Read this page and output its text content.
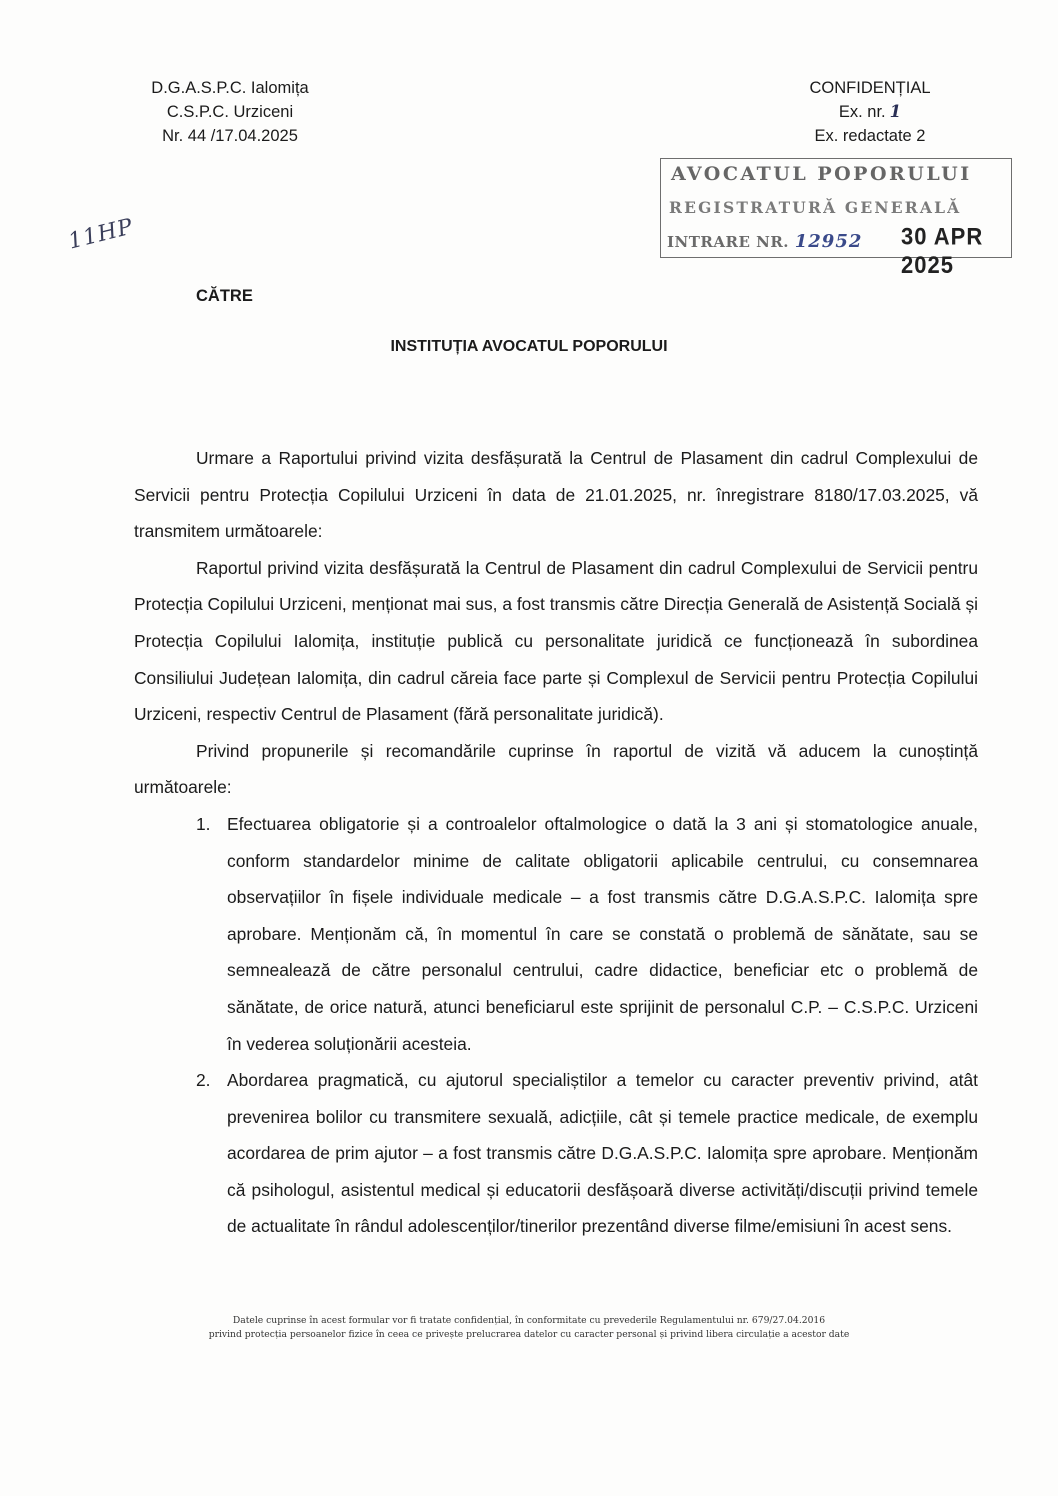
D.G.A.S.P.C. Ialomița
C.S.P.C. Urziceni
Nr. 44 /17.04.2025
CONFIDENȚIAL
Ex. nr. 1
Ex. redactate 2
AVOCATUL POPORULUI
REGISTRATURĂ GENERALĂ
INTRARE NR. 12952 30 APR 2025
11HP
CĂTRE
INSTITUȚIA AVOCATUL POPORULUI

Urmare a Raportului privind vizita desfășurată la Centrul de Plasament din cadrul Complexului de Servicii pentru Protecția Copilului Urziceni în data de 21.01.2025, nr. înregistrare 8180/17.03.2025, vă transmitem următoarele:

Raportul privind vizita desfășurată la Centrul de Plasament din cadrul Complexului de Servicii pentru Protecția Copilului Urziceni, menționat mai sus, a fost transmis către Direcția Generală de Asistență Socială și Protecția Copilului Ialomița, instituție publică cu personalitate juridică ce funcționează în subordinea Consiliului Județean Ialomița, din cadrul căreia face parte și Complexul de Servicii pentru Protecția Copilului Urziceni, respectiv Centrul de Plasament (fără personalitate juridică).

Privind propunerile și recomandările cuprinse în raportul de vizită vă aducem la cunoștință următoarele:

1. Efectuarea obligatorie și a controalelor oftalmologice o dată la 3 ani și stomatologice anuale, conform standardelor minime de calitate obligatorii aplicabile centrului, cu consemnarea observațiilor în fișele individuale medicale – a fost transmis către D.G.A.S.P.C. Ialomița spre aprobare. Menționăm că, în momentul în care se constată o problemă de sănătate, sau se semnealează de către personalul centrului, cadre didactice, beneficiar etc o problemă de sănătate, de orice natură, atunci beneficiarul este sprijinit de personalul C.P. – C.S.P.C. Urziceni în vederea soluționării acesteia.
2. Abordarea pragmatică, cu ajutorul specialiștilor a temelor cu caracter preventiv privind, atât prevenirea bolilor cu transmitere sexuală, adicțiile, cât și temele practice medicale, de exemplu acordarea de prim ajutor – a fost transmis către D.G.A.S.P.C. Ialomița spre aprobare. Menționăm că psihologul, asistentul medical și educatorii desfășoară diverse activități/discuții privind temele de actualitate în rândul adolescenților/tinerilor prezentând diverse filme/emisiuni în acest sens.
Datele cuprinse în acest formular vor fi tratate confidențial, în conformitate cu prevederile Regulamentului nr. 679/27.04.2016
privind protecția persoanelor fizice în ceea ce privește prelucrarea datelor cu caracter personal și privind libera circulație a acestor date
